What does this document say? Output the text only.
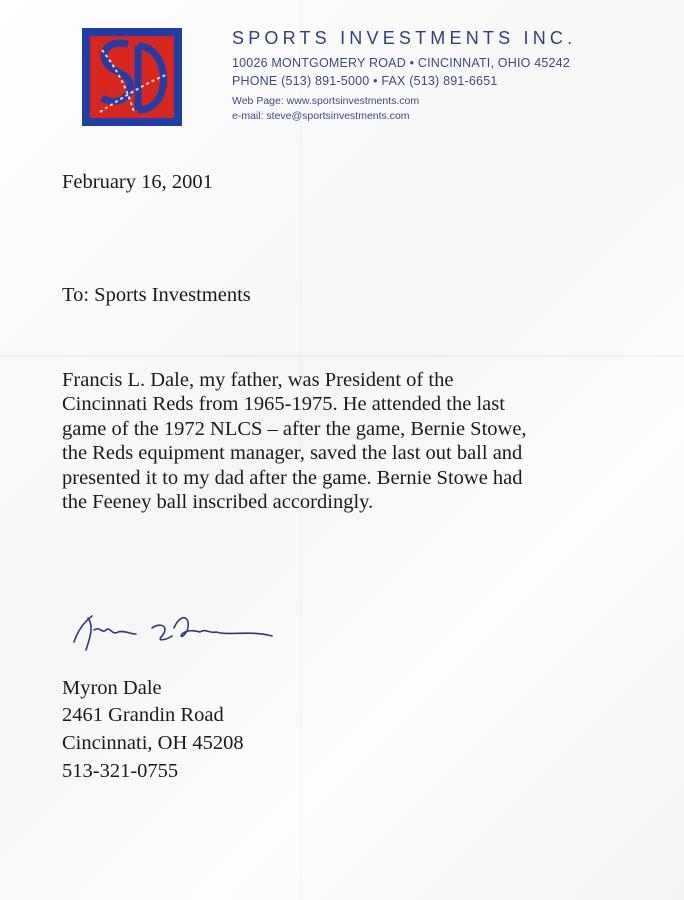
SPORTS INVESTMENTS INC.
10026 MONTGOMERY ROAD • CINCINNATI, OHIO 45242
PHONE (513) 891-5000 • FAX (513) 891-6651
Web Page: www.sportsinvestments.com
e-mail: steve@sportsinvestments.com
February 16, 2001
To: Sports Investments
Francis L. Dale, my father, was President of the
Cincinnati Reds from 1965-1975. He attended the last
game of the 1972 NLCS – after the game, Bernie Stowe,
the Reds equipment manager, saved the last out ball and
presented it to my dad after the game. Bernie Stowe had
the Feeney ball inscribed accordingly.
Myron Dale
2461 Grandin Road
Cincinnati, OH 45208
513-321-0755
